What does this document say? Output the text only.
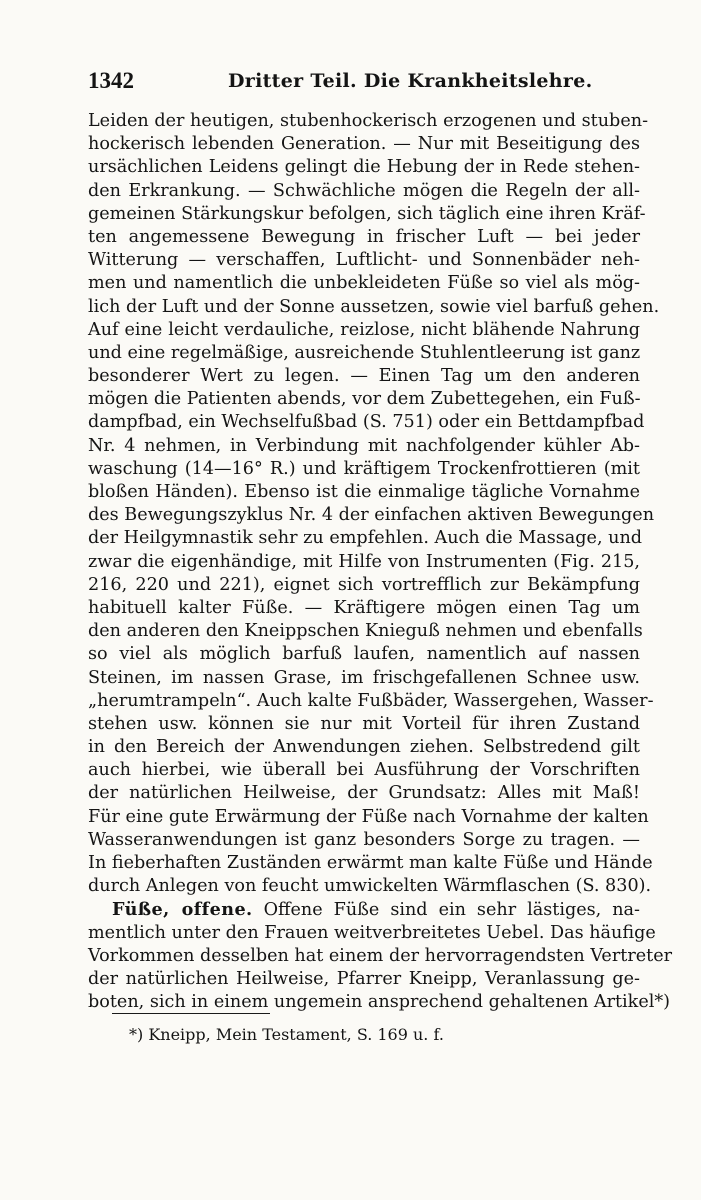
1342	Dritter Teil. Die Krankheitslehre.
Leiden der heutigen, stubenhockerisch erzogenen und stuben-
hockerisch lebenden Generation. — Nur mit Beseitigung des
ursächlichen Leidens gelingt die Hebung der in Rede stehen-
den Erkrankung. — Schwächliche mögen die Regeln der all-
gemeinen Stärkungskur befolgen, sich täglich eine ihren Kräf-
ten angemessene Bewegung in frischer Luft — bei jeder
Witterung — verschaffen, Luftlicht- und Sonnenbäder neh-
men und namentlich die unbekleideten Füße so viel als mög-
lich der Luft und der Sonne aussetzen, sowie viel barfuß gehen.
Auf eine leicht verdauliche, reizlose, nicht blähende Nahrung
und eine regelmäßige, ausreichende Stuhlentleerung ist ganz
besonderer Wert zu legen. — Einen Tag um den anderen
mögen die Patienten abends, vor dem Zubettegehen, ein Fuß-
dampfbad, ein Wechselfußbad (S. 751) oder ein Bettdampfbad
Nr. 4 nehmen, in Verbindung mit nachfolgender kühler Ab-
waschung (14—16° R.) und kräftigem Trockenfrottieren (mit
bloßen Händen). Ebenso ist die einmalige tägliche Vornahme
des Bewegungszyklus Nr. 4 der einfachen aktiven Bewegungen
der Heilgymnastik sehr zu empfehlen. Auch die Massage, und
zwar die eigenhändige, mit Hilfe von Instrumenten (Fig. 215,
216, 220 und 221), eignet sich vortrefflich zur Bekämpfung
habituell kalter Füße. — Kräftigere mögen einen Tag um
den anderen den Kneippschen Knieguß nehmen und ebenfalls
so viel als möglich barfuß laufen, namentlich auf nassen
Steinen, im nassen Grase, im frischgefallenen Schnee usw.
„herumtrampeln“. Auch kalte Fußbäder, Wassergehen, Wasser-
stehen usw. können sie nur mit Vorteil für ihren Zustand
in den Bereich der Anwendungen ziehen. Selbstredend gilt
auch hierbei, wie überall bei Ausführung der Vorschriften
der natürlichen Heilweise, der Grundsatz: Alles mit Maß!
Für eine gute Erwärmung der Füße nach Vornahme der kalten
Wasseranwendungen ist ganz besonders Sorge zu tragen. —
In fieberhaften Zuständen erwärmt man kalte Füße und Hände
durch Anlegen von feucht umwickelten Wärmflaschen (S. 830).
Füße, offene. Offene Füße sind ein sehr lästiges, na-
mentlich unter den Frauen weitverbreitetes Uebel. Das häufige
Vorkommen desselben hat einem der hervorragendsten Vertreter
der natürlichen Heilweise, Pfarrer Kneipp, Veranlassung ge-
boten, sich in einem ungemein ansprechend gehaltenen Artikel*)
*) Kneipp, Mein Testament, S. 169 u. f.
